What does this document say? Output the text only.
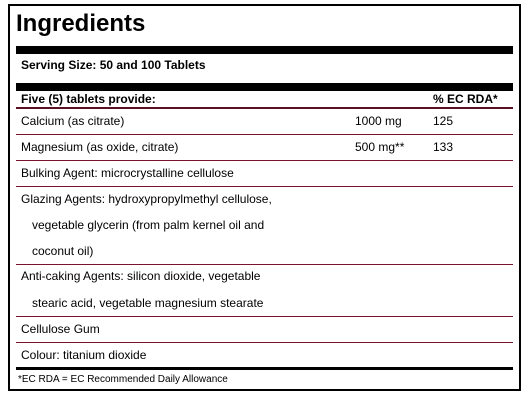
Ingredients
Serving Size: 50 and 100 Tablets
Five (5) tablets provide:	% EC RDA*
Calcium (as citrate)	1000 mg	125
Magnesium (as oxide, citrate)	500 mg** 133
Bulking Agent: microcrystalline cellulose
Glazing Agents: hydroxypropylmethyl cellulose,
vegetable glycerin (from palm kernel oil and
coconut oil)
Anti-caking Agents: silicon dioxide, vegetable
stearic acid, vegetable magnesium stearate
Cellulose Gum
Colour: titanium dioxide
*EC RDA = EC Recommended Daily Allowance
